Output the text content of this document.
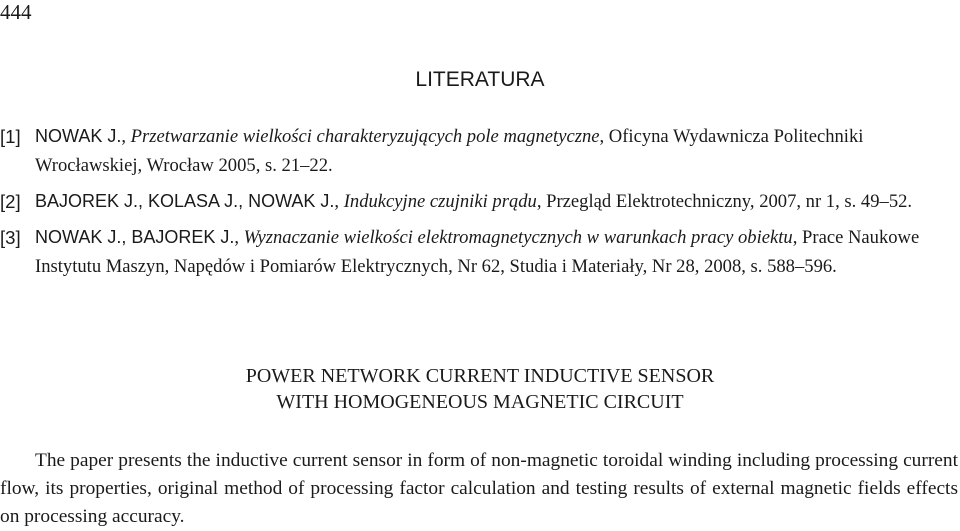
444
LITERATURA
[1] NOWAK J., Przetwarzanie wielkości charakteryzujących pole magnetyczne, Oficyna Wydawnicza Politechniki Wrocławskiej, Wrocław 2005, s. 21–22.
[2] BAJOREK J., KOLASA J., NOWAK J., Indukcyjne czujniki prądu, Przegląd Elektrotechniczny, 2007, nr 1, s. 49–52.
[3] NOWAK J., BAJOREK J., Wyznaczanie wielkości elektromagnetycznych w warunkach pracy obiektu, Prace Naukowe Instytutu Maszyn, Napędów i Pomiarów Elektrycznych, Nr 62, Studia i Materiały, Nr 28, 2008, s. 588–596.
POWER NETWORK CURRENT INDUCTIVE SENSOR
WITH HOMOGENEOUS MAGNETIC CIRCUIT
The paper presents the inductive current sensor in form of non-magnetic toroidal winding including processing current flow, its properties, original method of processing factor calculation and testing results of external magnetic fields effects on processing accuracy.
